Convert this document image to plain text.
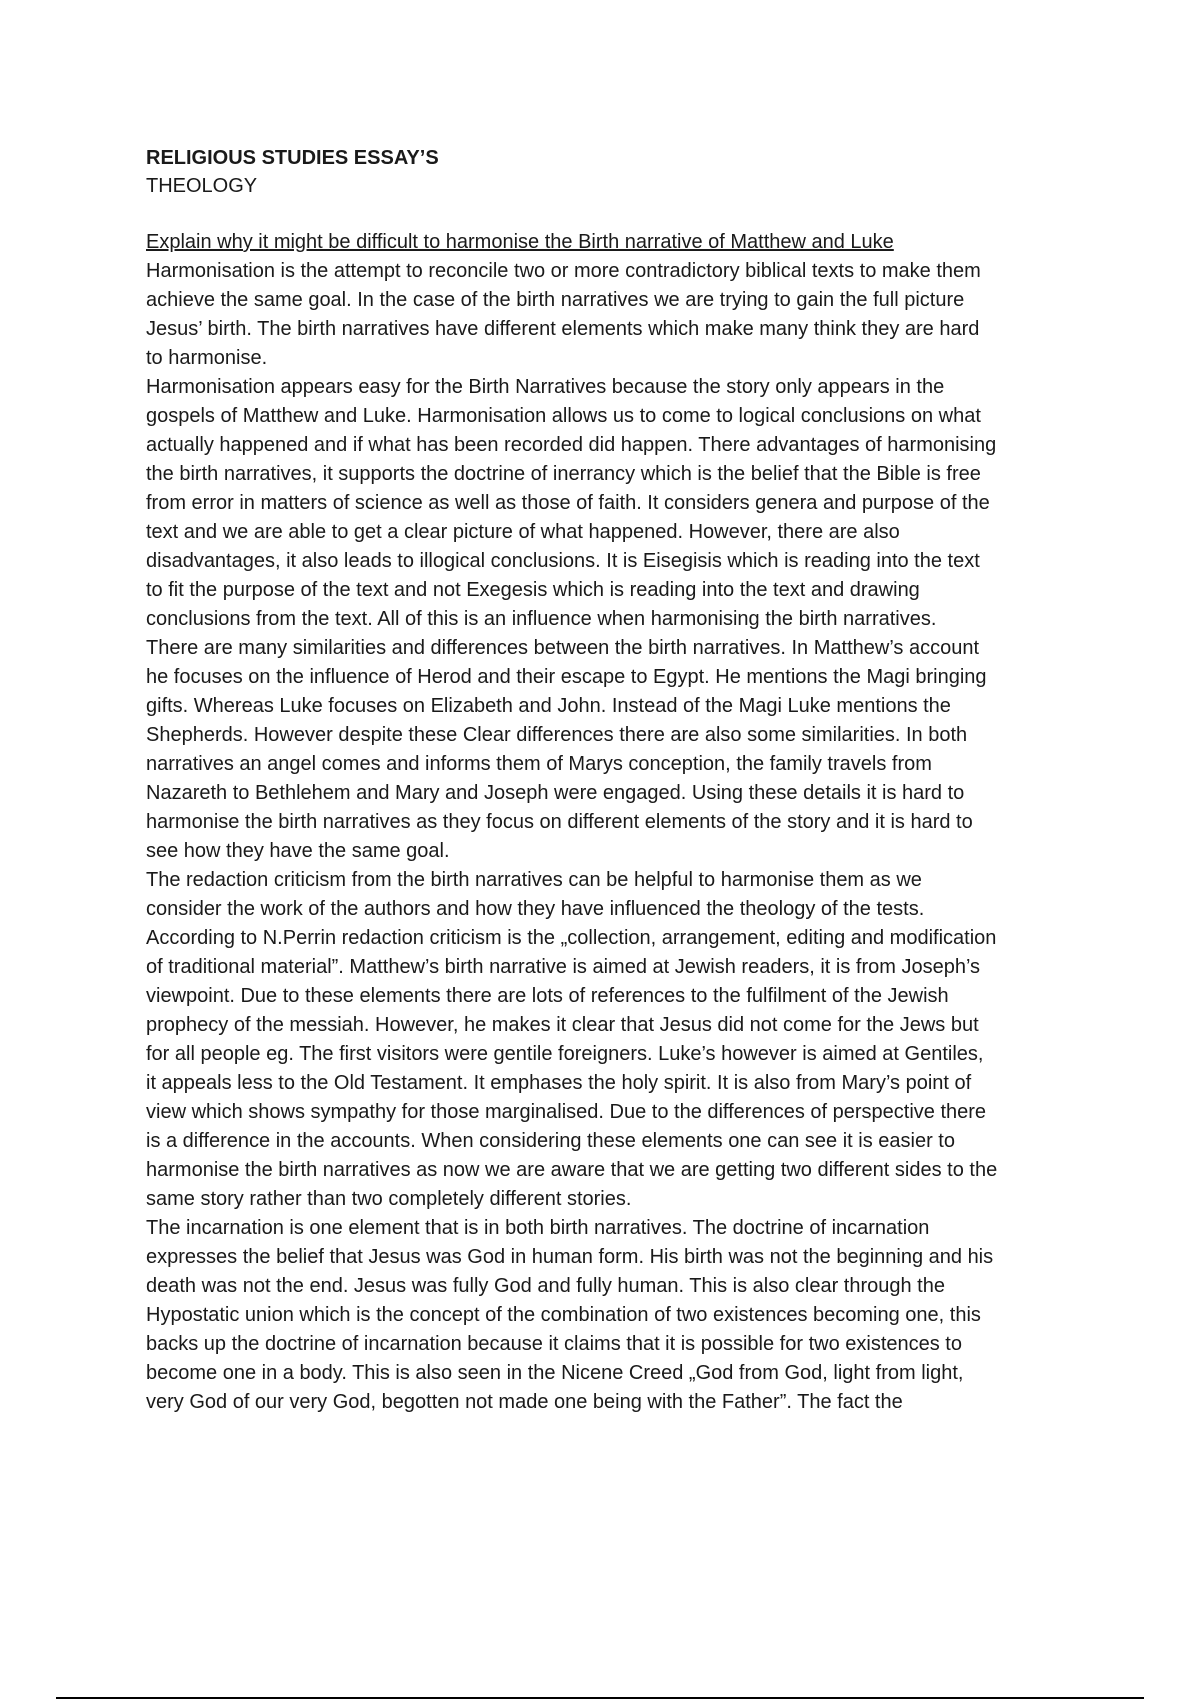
RELIGIOUS STUDIES ESSAY’S

THEOLOGY

Explain why it might be difficult to harmonise the Birth narrative of Matthew and Luke

Harmonisation is the attempt to reconcile two or more contradictory biblical texts to make them
achieve the same goal. In the case of the birth narratives we are trying to gain the full picture
Jesus’ birth. The birth narratives have different elements which make many think they are hard
to harmonise.

Harmonisation appears easy for the Birth Narratives because the story only appears in the
gospels of Matthew and Luke. Harmonisation allows us to come to logical conclusions on what
actually happened and if what has been recorded did happen. There advantages of harmonising
the birth narratives, it supports the doctrine of inerrancy which is the belief that the Bible is free
from error in matters of science as well as those of faith. It considers genera and purpose of the
text and we are able to get a clear picture of what happened. However, there are also
disadvantages, it also leads to illogical conclusions. It is Eisegisis which is reading into the text
to fit the purpose of the text and not Exegesis which is reading into the text and drawing
conclusions from the text. All of this is an influence when harmonising the birth narratives.

There are many similarities and differences between the birth narratives. In Matthew’s account
he focuses on the influence of Herod and their escape to Egypt. He mentions the Magi bringing
gifts. Whereas Luke focuses on Elizabeth and John. Instead of the Magi Luke mentions the
Shepherds. However despite these Clear differences there are also some similarities. In both
narratives an angel comes and informs them of Marys conception, the family travels from
Nazareth to Bethlehem and Mary and Joseph were engaged. Using these details it is hard to
harmonise the birth narratives as they focus on different elements of the story and it is hard to
see how they have the same goal.

The redaction criticism from the birth narratives can be helpful to harmonise them as we
consider the work of the authors and how they have influenced the theology of the tests.
According to N.Perrin redaction criticism is the „collection, arrangement, editing and modification
of traditional material”. Matthew’s birth narrative is aimed at Jewish readers, it is from Joseph’s
viewpoint. Due to these elements there are lots of references to the fulfilment of the Jewish
prophecy of the messiah. However, he makes it clear that Jesus did not come for the Jews but
for all people eg. The first visitors were gentile foreigners. Luke’s however is aimed at Gentiles,
it appeals less to the Old Testament. It emphases the holy spirit. It is also from Mary’s point of
view which shows sympathy for those marginalised. Due to the differences of perspective there
is a difference in the accounts. When considering these elements one can see it is easier to
harmonise the birth narratives as now we are aware that we are getting two different sides to the
same story rather than two completely different stories.

The incarnation is one element that is in both birth narratives. The doctrine of incarnation
expresses the belief that Jesus was God in human form. His birth was not the beginning and his
death was not the end. Jesus was fully God and fully human. This is also clear through the
Hypostatic union which is the concept of the combination of two existences becoming one, this
backs up the doctrine of incarnation because it claims that it is possible for two existences to
become one in a body. This is also seen in the Nicene Creed „God from God, light from light,
very God of our very God, begotten not made one being with the Father”. The fact the
